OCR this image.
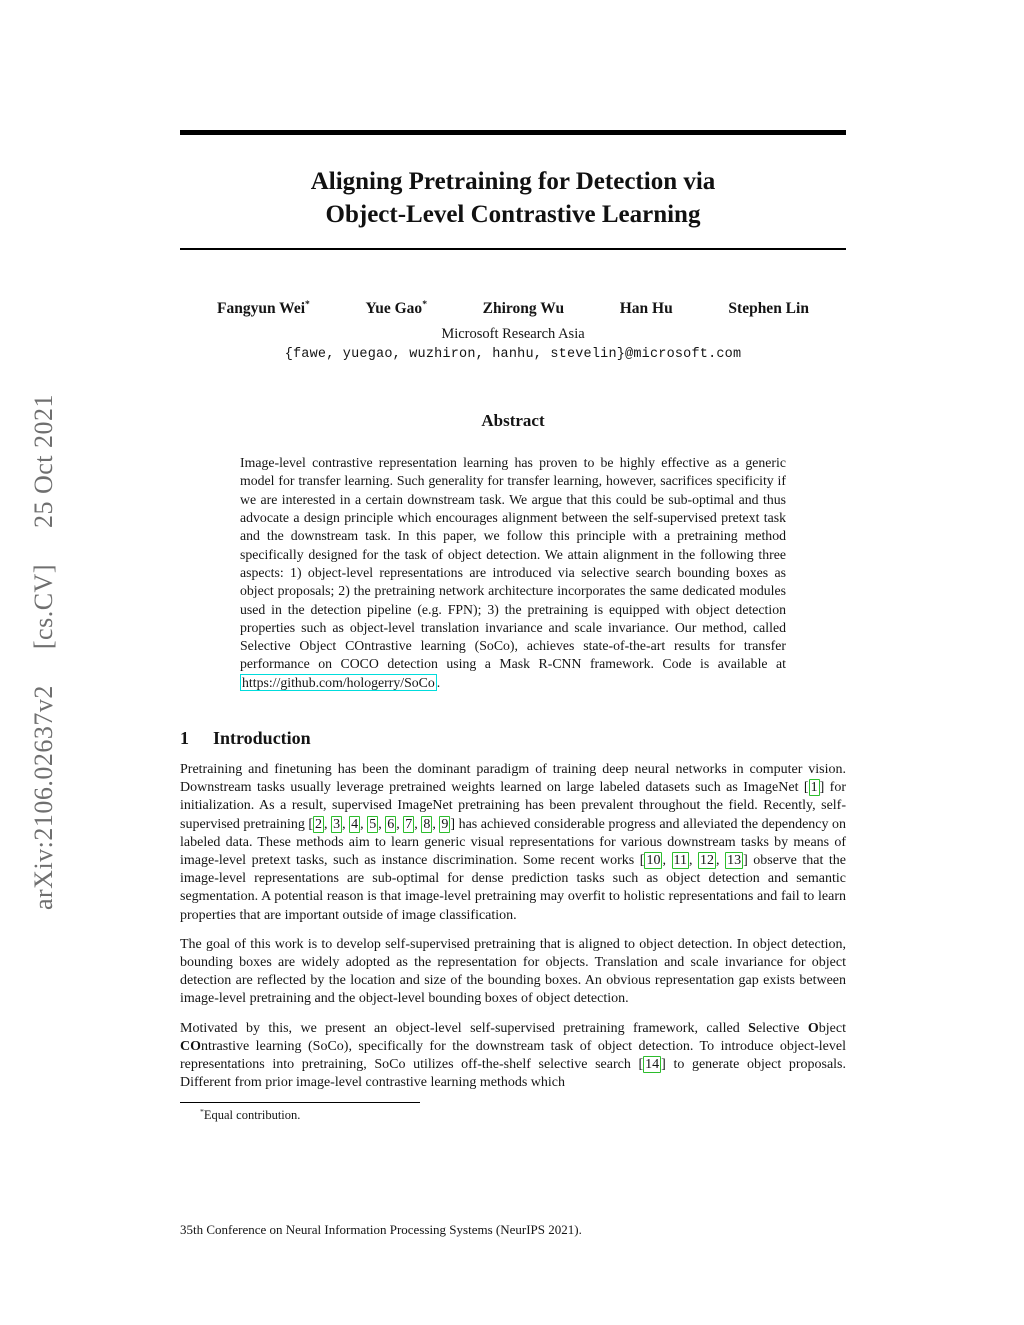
arXiv:2106.02637v2[cs.CV]25 Oct 2021
Aligning Pretraining for Detection via
Object-Level Contrastive Learning
Fangyun Wei*	Yue Gao*	Zhirong Wu	Han Hu	Stephen Lin
Microsoft Research Asia
{fawe, yuegao, wuzhiron, hanhu, stevelin}@microsoft.com
Abstract
Image-level contrastive representation learning has proven to be highly effective as a generic model for transfer learning. Such generality for transfer learning, however, sacrifices specificity if we are interested in a certain downstream task. We argue that this could be sub-optimal and thus advocate a design principle which encourages alignment between the self-supervised pretext task and the downstream task. In this paper, we follow this principle with a pretraining method specifically designed for the task of object detection. We attain alignment in the following three aspects: 1) object-level representations are introduced via selective search bounding boxes as object proposals; 2) the pretraining network architecture incorporates the same dedicated modules used in the detection pipeline (e.g. FPN); 3) the pretraining is equipped with object detection properties such as object-level translation invariance and scale invariance. Our method, called Selective Object COntrastive learning (SoCo), achieves state-of-the-art results for transfer performance on COCO detection using a Mask R-CNN framework. Code is available at https://github.com/hologerry/SoCo .
1	Introduction
Pretraining and finetuning has been the dominant paradigm of training deep neural networks in computer vision. Downstream tasks usually leverage pretrained weights learned on large labeled datasets such as ImageNet [ 1 ] for initialization. As a result, supervised ImageNet pretraining has been prevalent throughout the field. Recently, self-supervised pretraining [ 2 , 3 , 4 , 5 , 6 , 7 , 8 , 9 ] has achieved considerable progress and alleviated the dependency on labeled data. These methods aim to learn generic visual representations for various downstream tasks by means of image-level pretext tasks, such as instance discrimination. Some recent works [ 10 , 11 , 12 , 13 ] observe that the image-level representations are sub-optimal for dense prediction tasks such as object detection and semantic segmentation. A potential reason is that image-level pretraining may overfit to holistic representations and fail to learn properties that are important outside of image classification.
The goal of this work is to develop self-supervised pretraining that is aligned to object detection. In object detection, bounding boxes are widely adopted as the representation for objects. Translation and scale invariance for object detection are reflected by the location and size of the bounding boxes. An obvious representation gap exists between image-level pretraining and the object-level bounding boxes of object detection.
Motivated by this, we present an object-level self-supervised pretraining framework, called Selective Object COntrastive learning (SoCo), specifically for the downstream task of object detection. To introduce object-level representations into pretraining, SoCo utilizes off-the-shelf selective search [ 14 ] to generate object proposals. Different from prior image-level contrastive learning methods which
*Equal contribution.
35th Conference on Neural Information Processing Systems (NeurIPS 2021).
